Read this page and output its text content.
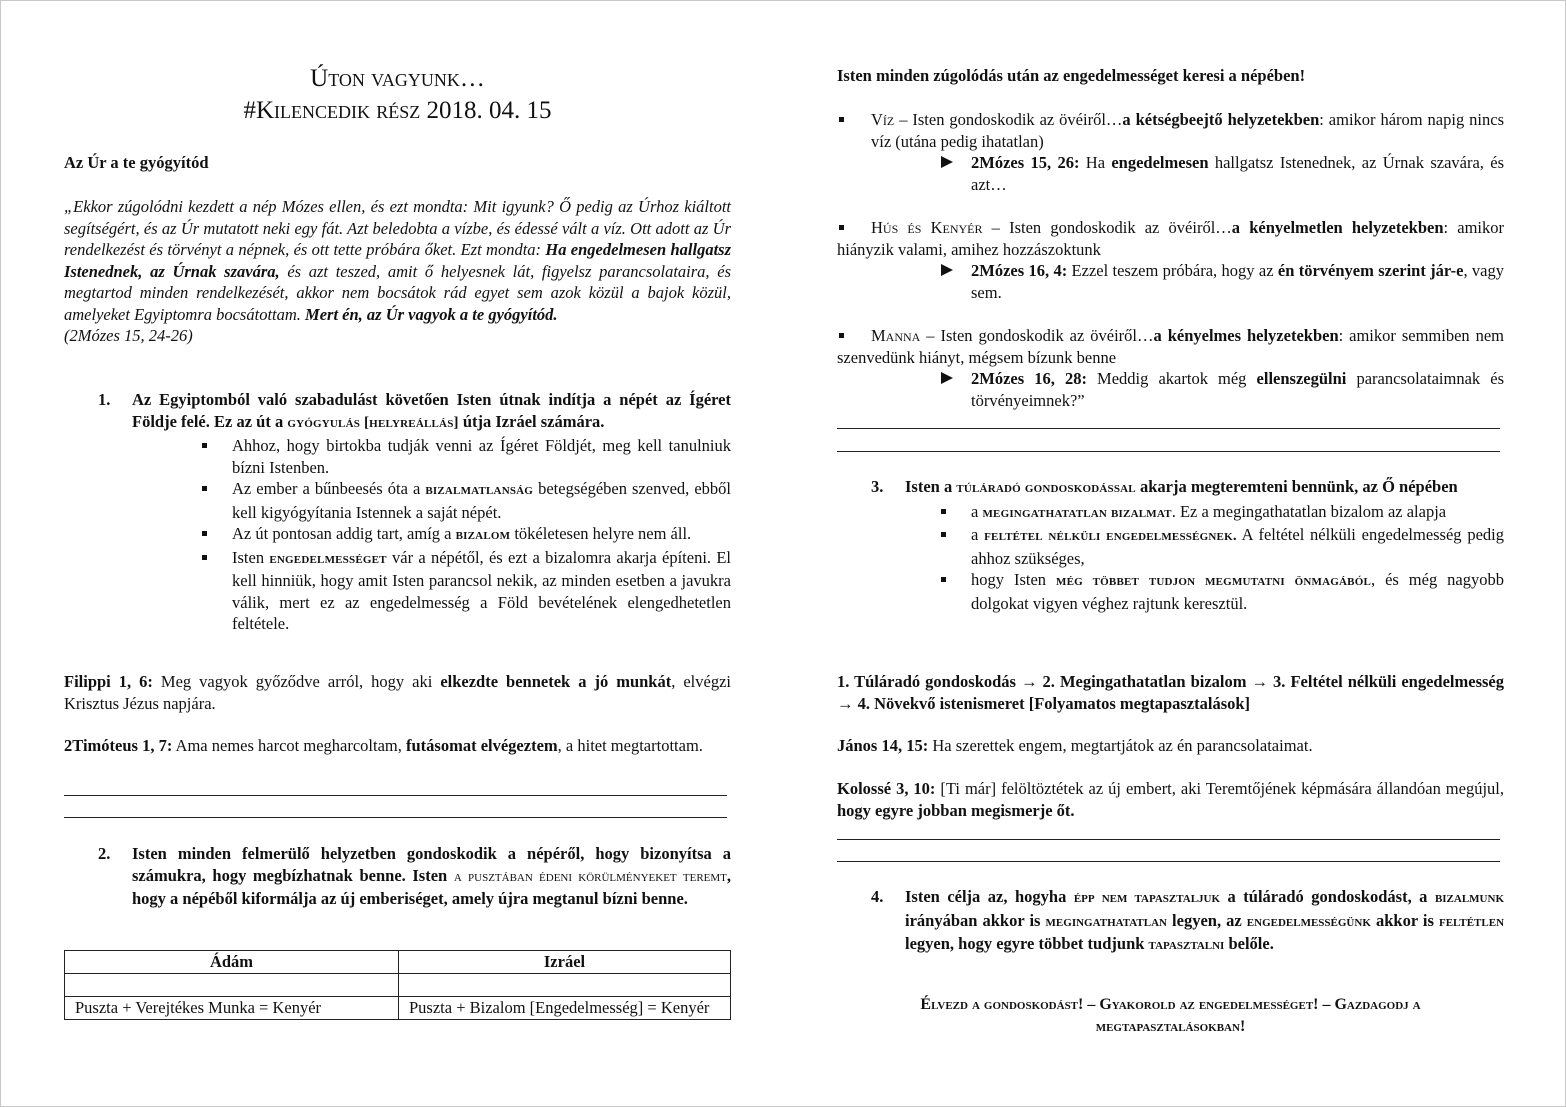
Úton vagyunk…
#Kilencedik rész 2018. 04. 15
Az Úr a te gyógyítód
„Ekkor zúgolódni kezdett a nép Mózes ellen, és ezt mondta: Mit igyunk? Ő pedig az Úrhoz kiáltott segítségért, és az Úr mutatott neki egy fát. Azt beledobta a vízbe, és édessé vált a víz. Ott adott az Úr rendelkezést és törvényt a népnek, és ott tette próbára őket. Ezt mondta: Ha engedelmesen hallgatsz Istenednek, az Úrnak szavára, és azt teszed, amit ő helyesnek lát, figyelsz parancsolataira, és megtartod minden rendelkezését, akkor nem bocsátok rád egyet sem azok közül a bajok közül, amelyeket Egyiptomra bocsátottam. Mert én, az Úr vagyok a te gyógyítód.
(2Mózes 15, 24-26)
1.	Az Egyiptomból való szabadulást követően Isten útnak indítja a népét az Ígéret Földje felé. Ez az út a gyógyulás [helyreállás] útja Izráel számára.
Ahhoz, hogy birtokba tudják venni az Ígéret Földjét, meg kell tanulniuk bízni Istenben.
Az ember a bűnbeesés óta a bizalmatlanság betegségében szenved, ebből kell kigyógyítania Istennek a saját népét.
Az út pontosan addig tart, amíg a bizalom tökéletesen helyre nem áll.
Isten engedelmességet vár a népétől, és ezt a bizalomra akarja építeni. El kell hinniük, hogy amit Isten parancsol nekik, az minden esetben a javukra válik, mert ez az engedelmesség a Föld bevételének elengedhetetlen feltétele.
Filippi 1, 6: Meg vagyok győződve arról, hogy aki elkezdte bennetek a jó munkát, elvégzi Krisztus Jézus napjára.
2Timóteus 1, 7: Ama nemes harcot megharcoltam, futásomat elvégeztem, a hitet megtartottam.
2.	Isten minden felmerülő helyzetben gondoskodik a népéről, hogy bizonyítsa a számukra, hogy megbízhatnak benne. Isten a pusztában édeni körülményeket teremt, hogy a népéből kiformálja az új emberiséget, amely újra megtanul bízni benne.
Ádám	Izráel

Puszta + Verejtékes Munka = Kenyér	Puszta + Bizalom [Engedelmesség] = Kenyér
Isten minden zúgolódás után az engedelmességet keresi a népében!
Víz – Isten gondoskodik az övéiről…a kétségbeejtő helyzetekben: amikor három napig nincs víz (utána pedig ihatatlan)
2Mózes 15, 26: Ha engedelmesen hallgatsz Istenednek, az Úrnak szavára, és azt…
Hús és Kenyér – Isten gondoskodik az övéiről…a kényelmetlen helyzetekben: amikor hiányzik valami, amihez hozzászoktunk
2Mózes 16, 4: Ezzel teszem próbára, hogy az én törvényem szerint jár-e, vagy sem.
Manna – Isten gondoskodik az övéiről…a kényelmes helyzetekben: amikor semmiben nem szenvedünk hiányt, mégsem bízunk benne
2Mózes 16, 28: Meddig akartok még ellenszegülni parancsolataimnak és törvényeimnek?”
3.	Isten a túláradó gondoskodással akarja megteremteni bennünk, az Ő népében
a megingathatatlan bizalmat. Ez a megingathatatlan bizalom az alapja
a feltétel nélküli engedelmességnek. A feltétel nélküli engedelmesség pedig ahhoz szükséges,
hogy Isten még többet tudjon megmutatni önmagából, és még nagyobb dolgokat vigyen véghez rajtunk keresztül.
1. Túláradó gondoskodás → 2. Megingathatatlan bizalom → 3. Feltétel nélküli engedelmesség → 4. Növekvő istenismeret [Folyamatos megtapasztalások]
János 14, 15: Ha szerettek engem, megtartjátok az én parancsolataimat.
Kolossé 3, 10: [Ti már] felöltöztétek az új embert, aki Teremtőjének képmására állandóan megújul, hogy egyre jobban megismerje őt.
4.	Isten célja az, hogyha épp nem tapasztaljuk a túláradó gondoskodást, a bizalmunk irányában akkor is megingathatatlan legyen, az engedelmességünk akkor is feltétlen legyen, hogy egyre többet tudjunk tapasztalni belőle.
Élvezd a gondoskodást! – Gyakorold az engedelmességet! – Gazdagodj a megtapasztalásokban!
